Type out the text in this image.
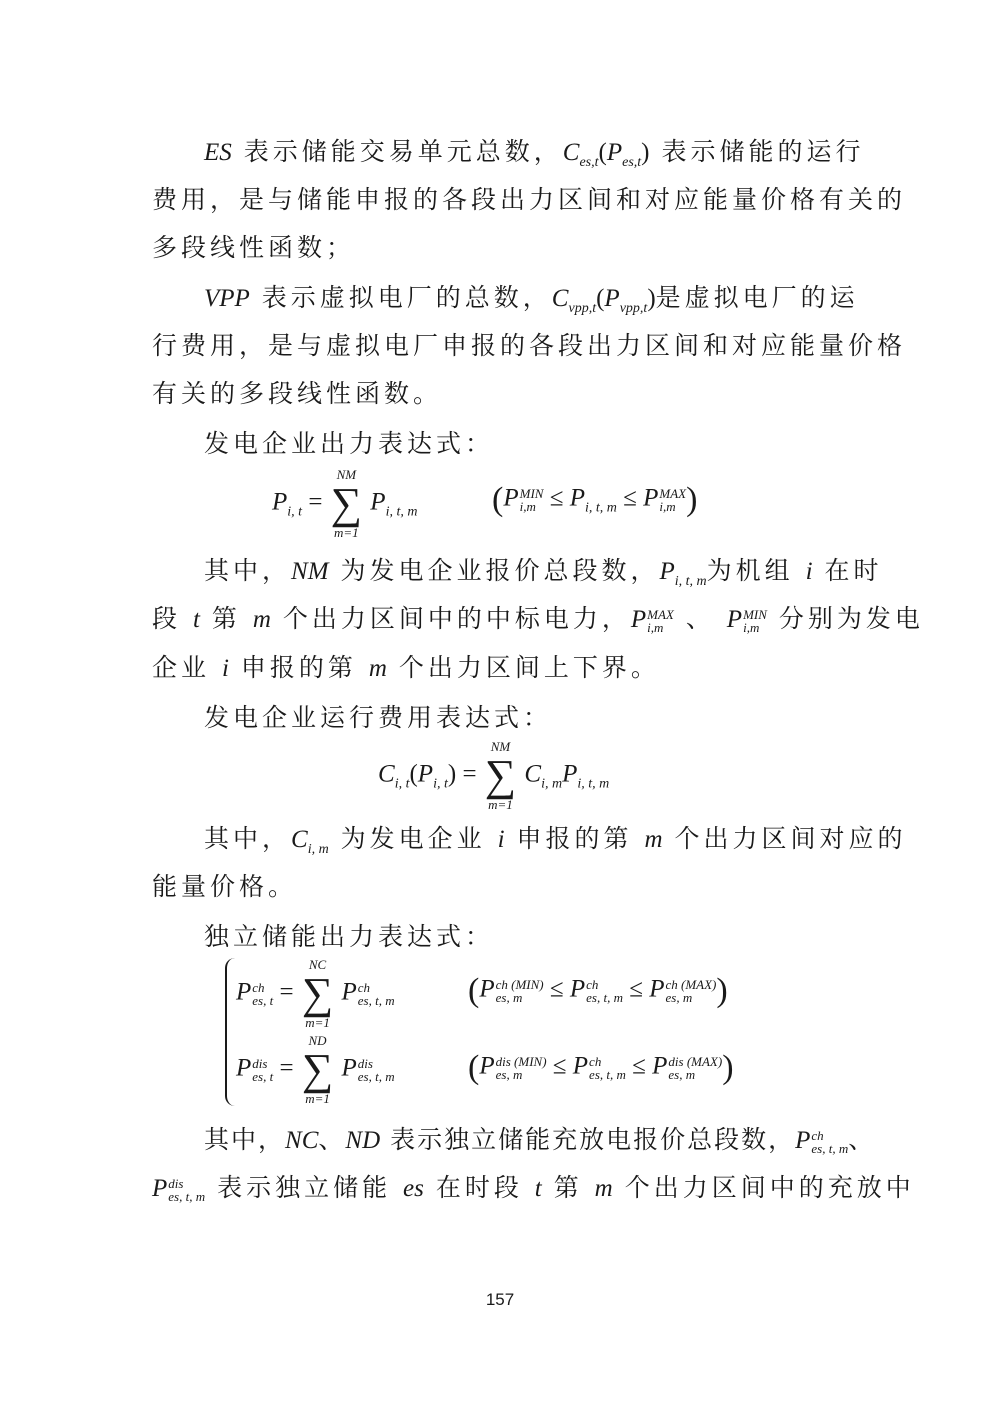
ES 表示储能交易单元总数，$C_{es,t}(P_{es,t})$ 表示储能的运行
费用，是与储能申报的各段出力区间和对应能量价格有关的
多段线性函数；
VPP 表示虚拟电厂的总数，$C_{vpp,t}(P_{vpp,t})$是虚拟电厂的运
行费用，是与虚拟电厂申报的各段出力区间和对应能量价格
有关的多段线性函数。
发电企业出力表达式：
$P_{i, t}$ =
NM
∑
m=1
$P_{i, t, m}$ (P MIN
$i,m \le P_{i, t, m} \le P$ MAX
i,m )
其中，NM 为发电企业报价总段数，$P_{i, t, m}$为机组 i 在时
段 t 第 m 个出力区间中的中标电力，P MAX
i,m 、 P MIN
i,m 分别为发电
企业 i 申报的第 m 个出力区间上下界。
发电企业运行费用表达式：
$C_{i, t}(P_{i, t})$ =
NM
∑
m=1
$C_{i, m}P_{i, t, m}$
其中，$C_{i, m}$ 为发电企业 i 申报的第 m 个出力区间对应的
能量价格。
独立储能出力表达式：
P ch
es, t =
NC
∑
m=1
P ch
es, t, m (P ch (MIN)
es, m	≤ P ch
es, t, m ≤ P ch (MAX)
es, m )
P dis
es, t =
ND
∑
m=1
P dis
es, t, m (P dis (MIN)
es, m	≤ P ch
es, t, m ≤ P dis (MAX)
es, m )
其中，NC、ND 表示独立储能充放电报价总段数，P ch
es, t, m 、
P dis
es, t, m 表示独立储能 es 在时段 t 第 m 个出力区间中的充放中
157
